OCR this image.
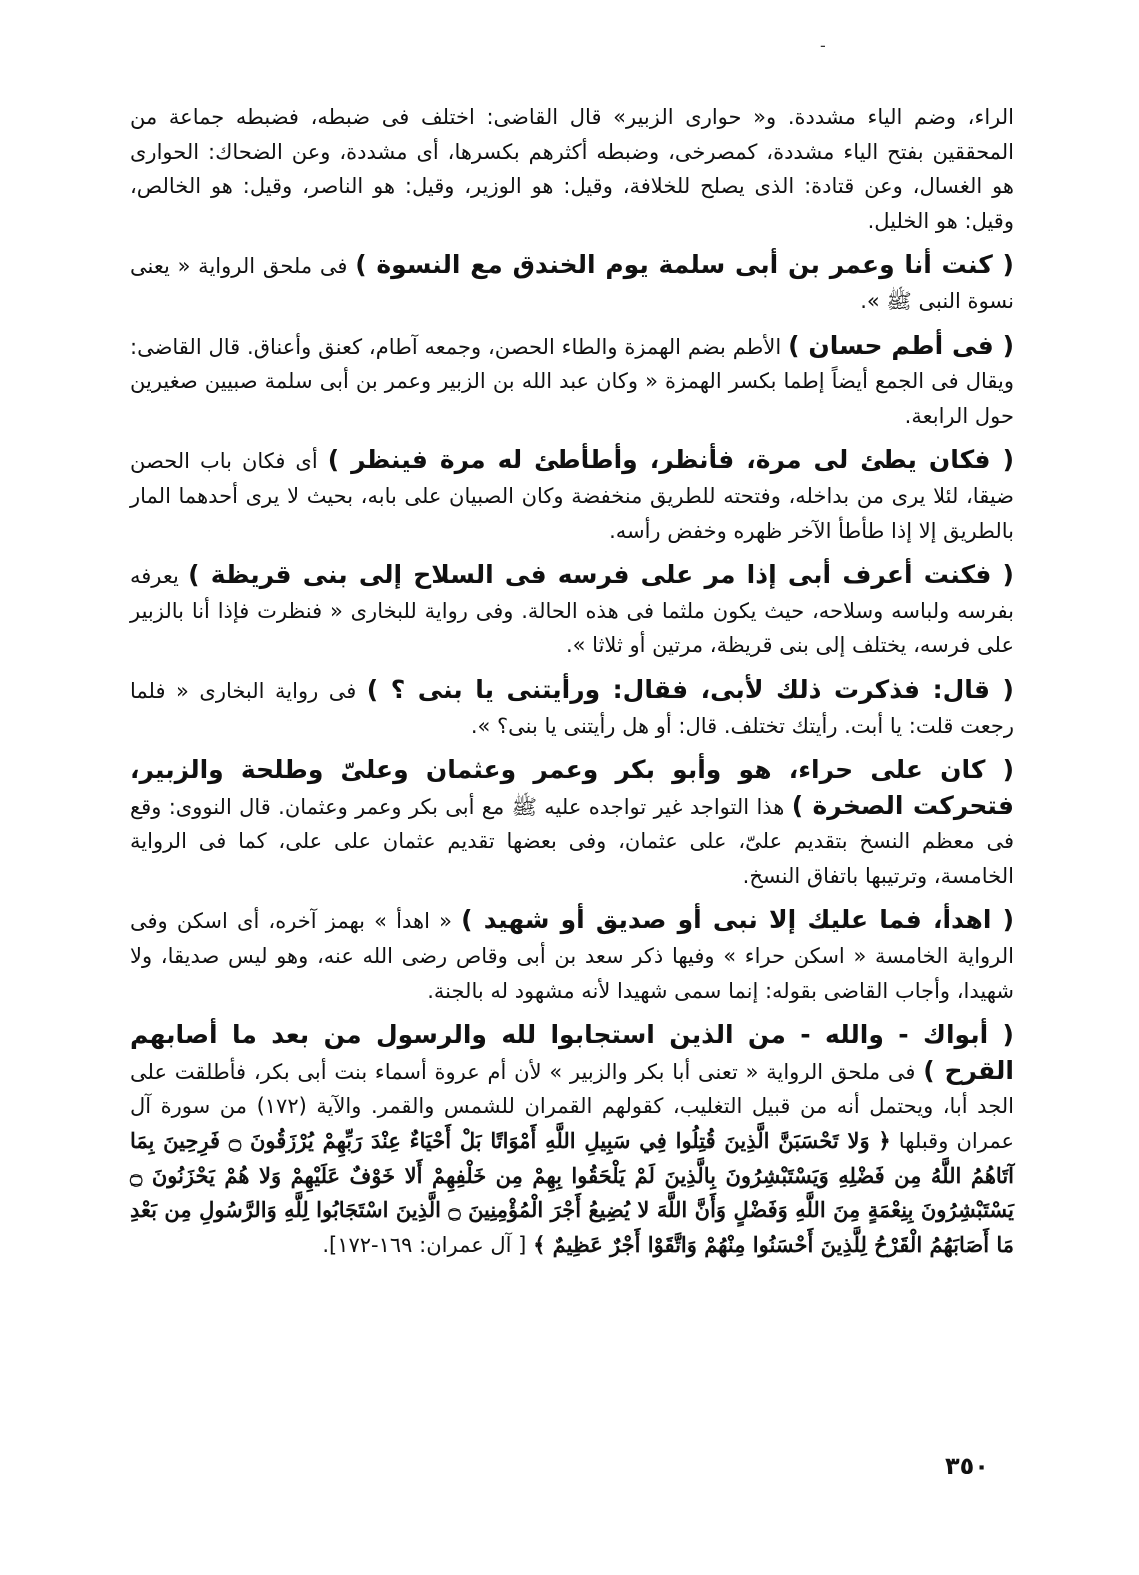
-

الراء، وضم الياء مشددة. و« حوارى الزبير» قال القاضى: اختلف فى ضبطه، فضبطه جماعة من المحققين بفتح الياء مشددة، كمصرخى، وضبطه أكثرهم بكسرها، أى مشددة، وعن الضحاك: الحوارى هو الغسال، وعن قتادة: الذى يصلح للخلافة، وقيل: هو الوزير، وقيل: هو الناصر، وقيل: هو الخالص، وقيل: هو الخليل.

( كنت أنا وعمر بن أبى سلمة يوم الخندق مع النسوة ) فى ملحق الرواية « يعنى نسوة النبى ﷺ ».

( فى أطم حسان ) الأطم بضم الهمزة والطاء الحصن، وجمعه آطام، كعنق وأعناق. قال القاضى: ويقال فى الجمع أيضاً إطما بكسر الهمزة « وكان عبد الله بن الزبير وعمر بن أبى سلمة صبيين صغيرين حول الرابعة.

( فكان يطئ لى مرة، فأنظر، وأطأطئ له مرة فينظر ) أى فكان باب الحصن ضيقا، لئلا يرى من بداخله، وفتحته للطريق منخفضة وكان الصبيان على بابه، بحيث لا يرى أحدهما المار بالطريق إلا إذا طأطأ الآخر ظهره وخفض رأسه.

( فكنت أعرف أبى إذا مر على فرسه فى السلاح إلى بنى قريظة ) يعرفه بفرسه ولباسه وسلاحه، حيث يكون ملثما فى هذه الحالة. وفى رواية للبخارى « فنظرت فإذا أنا بالزبير على فرسه، يختلف إلى بنى قريظة، مرتين أو ثلاثا ».

( قال: فذكرت ذلك لأبى، فقال: ورأيتنى يا بنى ؟ ) فى رواية البخارى « فلما رجعت قلت: يا أبت. رأيتك تختلف. قال: أو هل رأيتنى يا بنى؟ ».

( كان على حراء، هو وأبو بكر وعمر وعثمان وعلىّ وطلحة والزبير، فتحركت الصخرة ) هذا التواجد غير تواجده عليه ﷺ مع أبى بكر وعمر وعثمان. قال النووى: وقع فى معظم النسخ بتقديم علىّ، على عثمان، وفى بعضها تقديم عثمان على على، كما فى الرواية الخامسة، وترتيبها باتفاق النسخ.

( اهدأ، فما عليك إلا نبى أو صديق أو شهيد ) « اهدأ » بهمز آخره، أى اسكن وفى الرواية الخامسة « اسكن حراء » وفيها ذكر سعد بن أبى وقاص رضى الله عنه، وهو ليس صديقا، ولا شهيدا، وأجاب القاضى بقوله: إنما سمى شهيدا لأنه مشهود له بالجنة.

( أبواك - والله - من الذين استجابوا لله والرسول من بعد ما أصابهم القرح ) فى ملحق الرواية « تعنى أبا بكر والزبير » لأن أم عروة أسماء بنت أبى بكر، فأطلقت على الجد أبا، ويحتمل أنه من قبيل التغليب، كقولهم القمران للشمس والقمر. والآية (١٧٢) من سورة آل عمران وقبلها ﴿ وَلا تَحْسَبَنَّ الَّذِينَ قُتِلُوا فِي سَبِيلِ اللَّهِ أَمْوَاتًا بَلْ أَحْيَاءٌ عِنْدَ رَبِّهِمْ يُرْزَقُونَ ۝ فَرِحِينَ بِمَا آتَاهُمُ اللَّهُ مِن فَضْلِهِ وَيَسْتَبْشِرُونَ بِالَّذِينَ لَمْ يَلْحَقُوا بِهِمْ مِن خَلْفِهِمْ أَلا خَوْفٌ عَلَيْهِمْ وَلا هُمْ يَحْزَنُونَ ۝ يَسْتَبْشِرُونَ بِنِعْمَةٍ مِنَ اللَّهِ وَفَضْلٍ وَأَنَّ اللَّهَ لا يُضِيعُ أَجْرَ الْمُؤْمِنِينَ ۝ الَّذِينَ اسْتَجَابُوا لِلَّهِ وَالرَّسُولِ مِن بَعْدِ مَا أَصَابَهُمُ الْقَرْحُ لِلَّذِينَ أَحْسَنُوا مِنْهُمْ وَاتَّقَوْا أَجْرٌ عَظِيمٌ ﴾ [ آل عمران: ١٦٩-١٧٢].

٣٥٠
